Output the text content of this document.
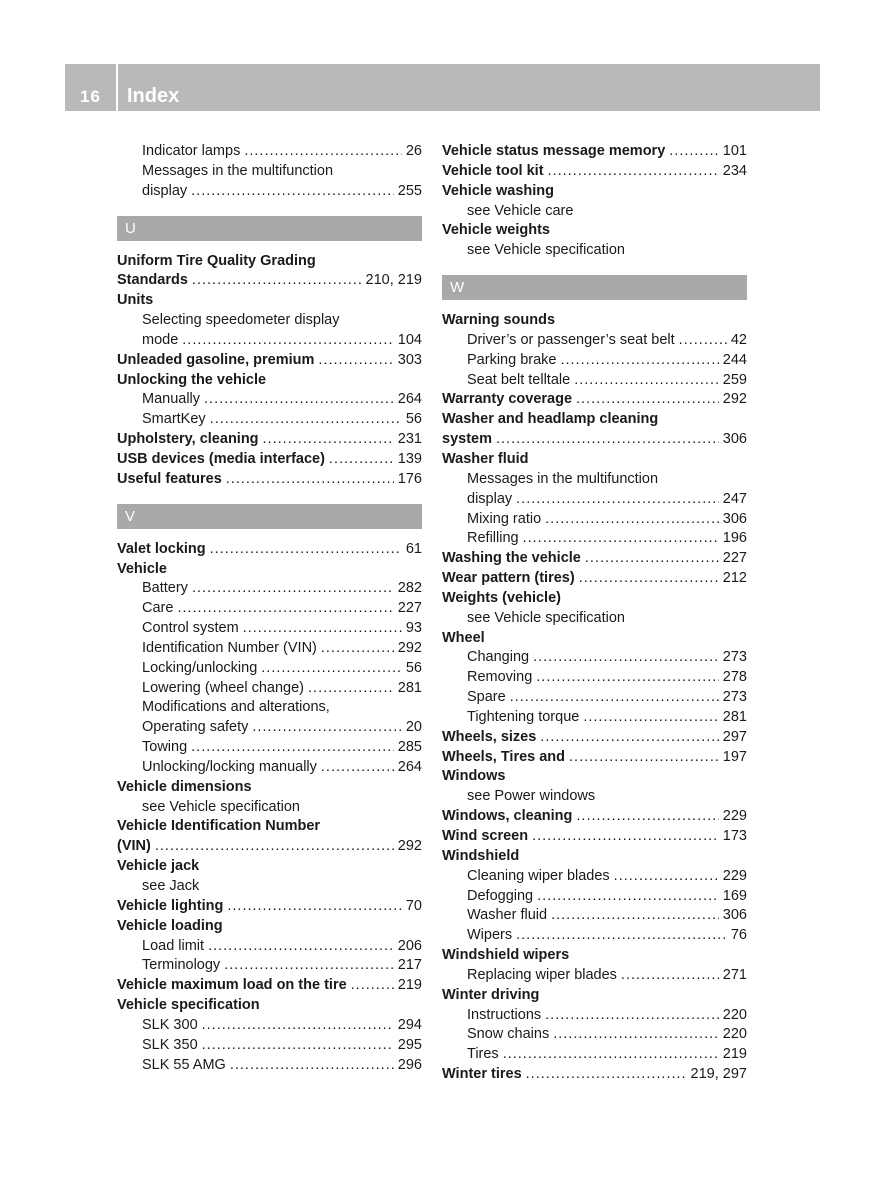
16	Index
Indicator lamps .....	26
Messages in the multifunction
display .....	255
U
Uniform Tire Quality Grading
Standards .....	210, 219
Units
Selecting speedometer display
mode .....	104
Unleaded gasoline, premium .....	303
Unlocking the vehicle
Manually .....	264
SmartKey .....	56
Upholstery, cleaning .....	231
USB devices (media interface) .....	139
Useful features .....	176
V
Valet locking .....	61
Vehicle
Battery .....	282
Care .....	227
Control system .....	93
Identification Number (VIN) .....	292
Locking/unlocking .....	56
Lowering (wheel change) .....	281
Modifications and alterations,
Operating safety .....	20
Towing .....	285
Unlocking/locking manually .....	264
Vehicle dimensions
see Vehicle specification
Vehicle Identification Number
(VIN) .....	292
Vehicle jack
see Jack
Vehicle lighting .....	70
Vehicle loading
Load limit .....	206
Terminology .....	217
Vehicle maximum load on the tire .....	219
Vehicle specification
SLK 300 .....	294
SLK 350 .....	295
SLK 55 AMG .....	296
Vehicle status message memory .....	101
Vehicle tool kit .....	234
Vehicle washing
see Vehicle care
Vehicle weights
see Vehicle specification
W
Warning sounds
Driver’s or passenger’s seat belt .....	42
Parking brake .....	244
Seat belt telltale .....	259
Warranty coverage .....	292
Washer and headlamp cleaning
system .....	306
Washer fluid
Messages in the multifunction
display .....	247
Mixing ratio .....	306
Refilling .....	196
Washing the vehicle .....	227
Wear pattern (tires) .....	212
Weights (vehicle)
see Vehicle specification
Wheel
Changing .....	273
Removing .....	278
Spare .....	273
Tightening torque .....	281
Wheels, sizes .....	297
Wheels, Tires and .....	197
Windows
see Power windows
Windows, cleaning .....	229
Wind screen .....	173
Windshield
Cleaning wiper blades .....	229
Defogging .....	169
Washer fluid .....	306
Wipers .....	76
Windshield wipers
Replacing wiper blades .....	271
Winter driving
Instructions .....	220
Snow chains .....	220
Tires .....	219
Winter tires .....	219, 297
